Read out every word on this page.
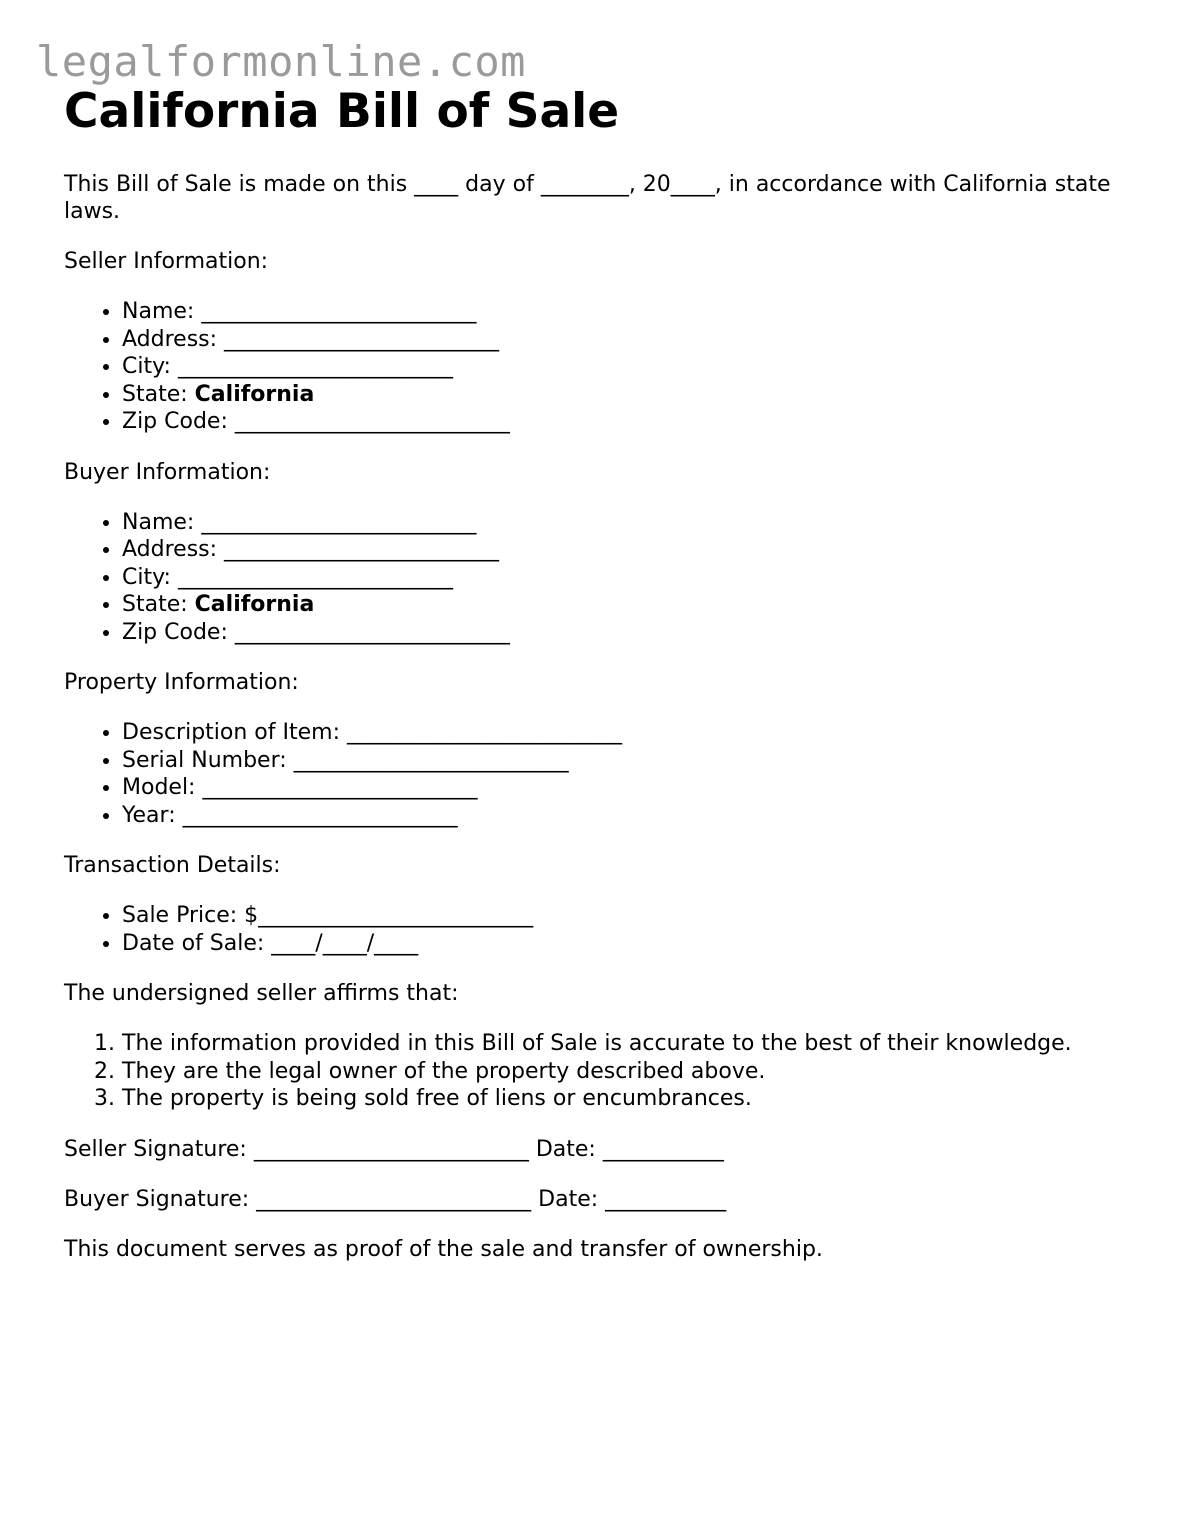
legalformonline.com
California Bill of Sale

This Bill of Sale is made on this ____ day of ________, 20____, in accordance with California state laws.

Seller Information:

• Name: _________________________
• Address: _________________________
• City: _________________________
• State: California
• Zip Code: _________________________

Buyer Information:

• Name: _________________________
• Address: _________________________
• City: _________________________
• State: California
• Zip Code: _________________________

Property Information:

• Description of Item: _________________________
• Serial Number: _________________________
• Model: _________________________
• Year: _________________________

Transaction Details:

• Sale Price: $_________________________
• Date of Sale: ____/____/____

The undersigned seller affirms that:

1. The information provided in this Bill of Sale is accurate to the best of their knowledge.
2. They are the legal owner of the property described above.
3. The property is being sold free of liens or encumbrances.

Seller Signature: _________________________ Date: ___________

Buyer Signature: _________________________ Date: ___________

This document serves as proof of the sale and transfer of ownership.
